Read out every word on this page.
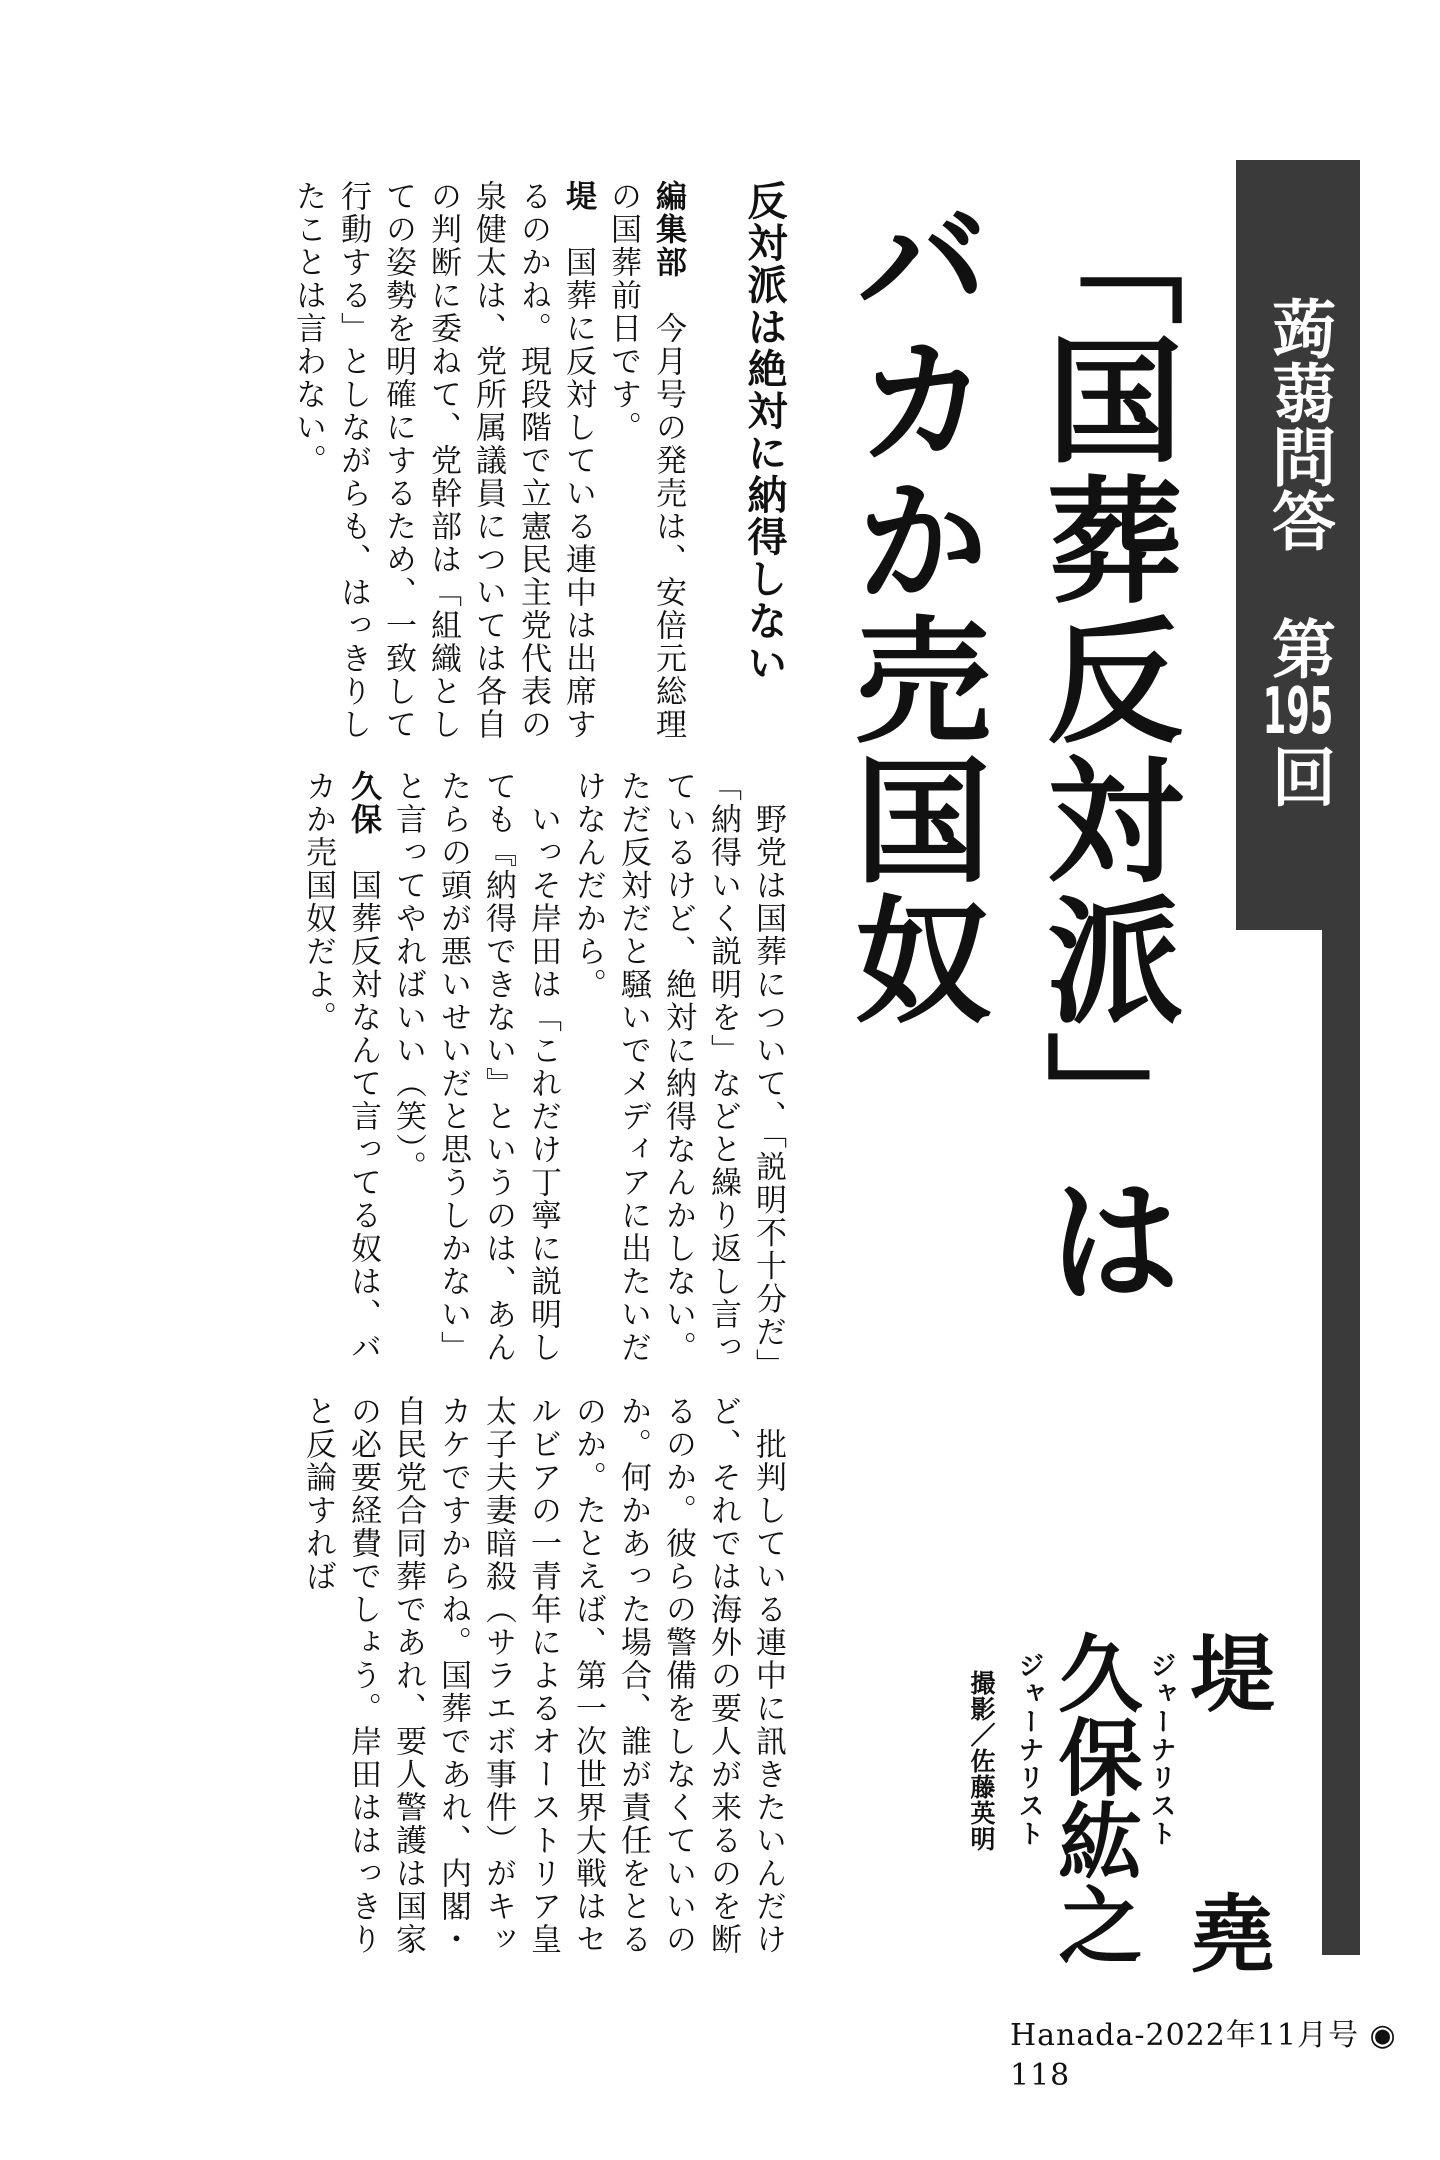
蒟蒻問答　第195回
「国葬反対派」は
バカか売国奴
堤　堯
ジャーナリスト
久保紘之
ジャーナリスト
撮影／佐藤英明
反対派は絶対に納得しない
編集部　今月号の発売は、安倍元総理の国葬前日です。
堤　国葬に反対している連中は出席するのかね。現段階で立憲民主党代表の泉健太は、党所属議員については各自の判断に委ねて、党幹部は「組織としての姿勢を明確にするため、一致して行動する」としながらも、はっきりしたことは言わない。
　野党は国葬について、「説明不十分だ」「納得いく説明を」などと繰り返し言っているけど、絶対に納得なんかしない。ただ反対だと騒いでメディアに出たいだけなんだから。
　いっそ岸田は「これだけ丁寧に説明しても『納得できない』というのは、あんたらの頭が悪いせいだと思うしかない」と言ってやればいい（笑）。
久保　国葬反対なんて言ってる奴は、バカか売国奴だよ。
　批判している連中に訊きたいんだけど、それでは海外の要人が来るのを断るのか。彼らの警備をしなくていいのか。何かあった場合、誰が責任をとるのか。たとえば、第一次世界大戦はセルビアの一青年によるオーストリア皇太子夫妻暗殺（サラエボ事件）がキッカケですからね。国葬であれ、内閣・自民党合同葬であれ、要人警護は国家の必要経費でしょう。岸田ははっきりと反論すれば
Hanada-2022年11月号 ◉ 118
